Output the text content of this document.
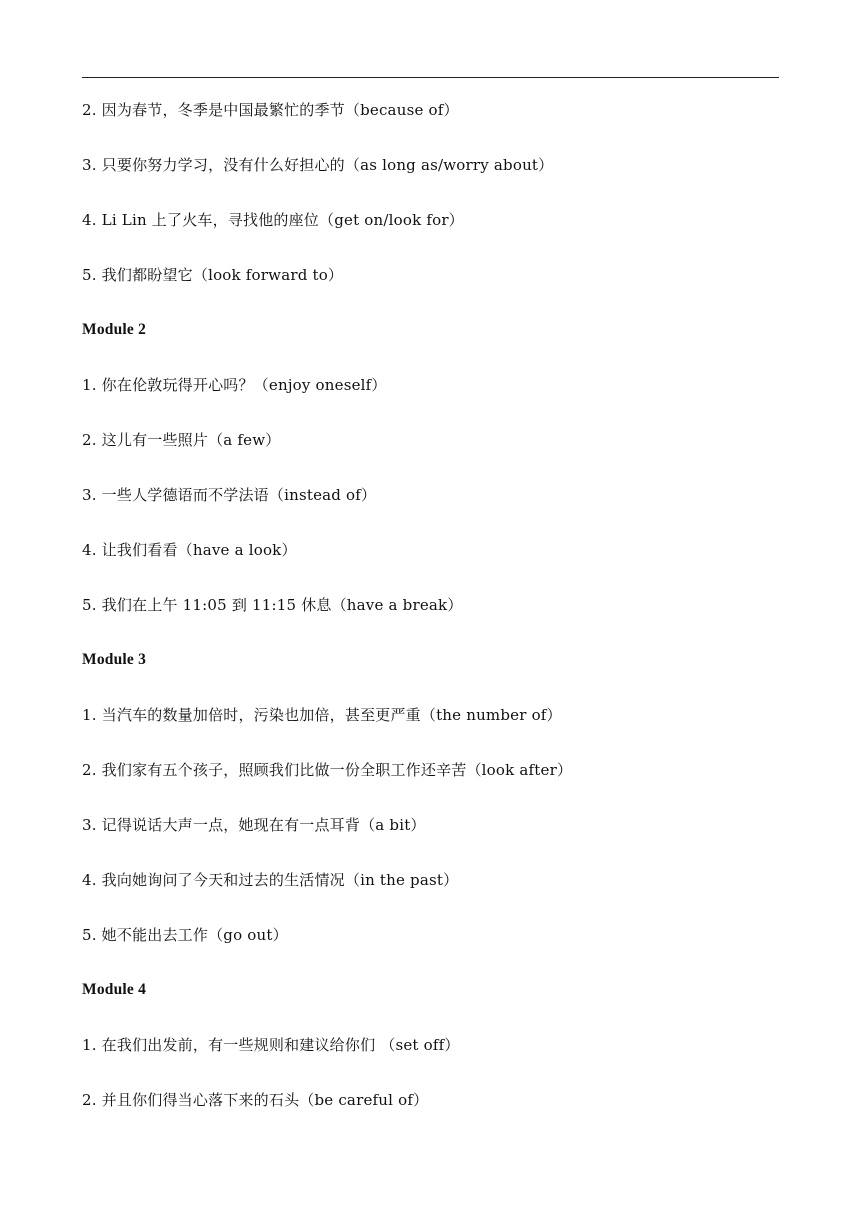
2. 因为春节，冬季是中国最繁忙的季节（because of）
3. 只要你努力学习，没有什么好担心的（as long as/worry about）
4. Li Lin 上了火车，寻找他的座位（get on/look for）
5. 我们都盼望它（look forward to）
Module 2
1. 你在伦敦玩得开心吗？（enjoy oneself）
2. 这儿有一些照片（a few）
3. 一些人学德语而不学法语（instead of）
4. 让我们看看（have a look）
5. 我们在上午 11:05 到 11:15 休息（have a break）
Module 3
1. 当汽车的数量加倍时，污染也加倍，甚至更严重（the number of）
2. 我们家有五个孩子，照顾我们比做一份全职工作还辛苦（look after）
3. 记得说话大声一点，她现在有一点耳背（a bit）
4. 我向她询问了今天和过去的生活情况（in the past）
5. 她不能出去工作（go out）
Module 4
1. 在我们出发前，有一些规则和建议给你们 （set off）
2. 并且你们得当心落下来的石头（be careful of）
